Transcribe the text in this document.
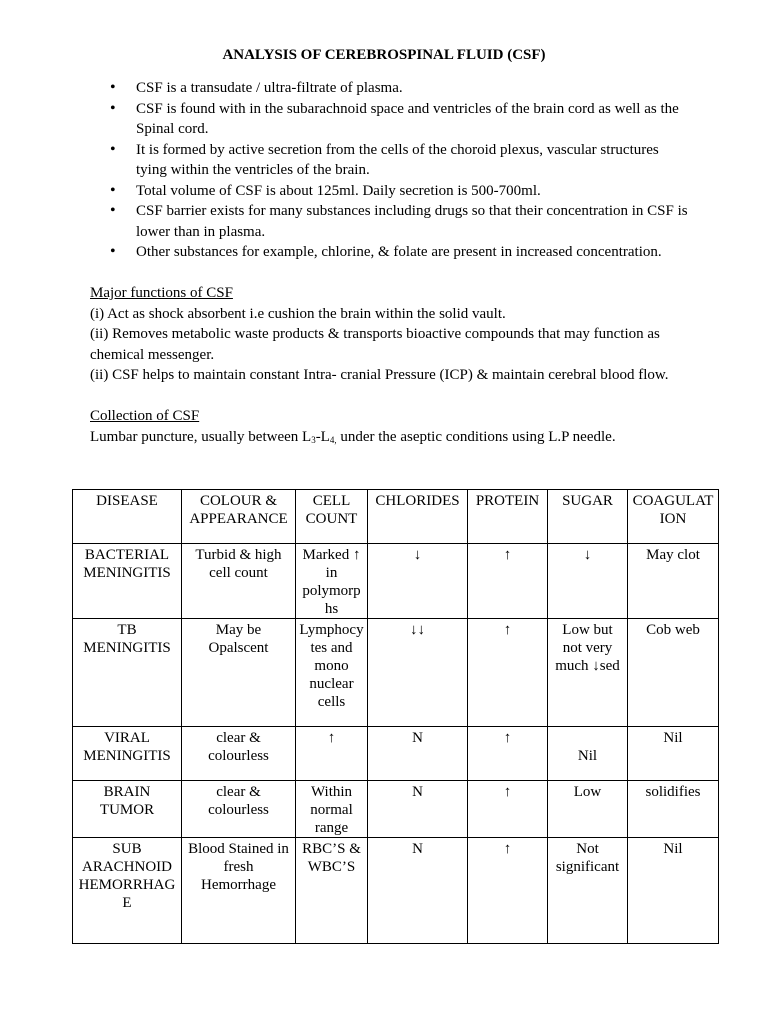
ANALYSIS OF CEREBROSPINAL FLUID (CSF)
• CSF is a transudate / ultra-filtrate of plasma.
• CSF is found with in the subarachnoid space and ventricles of the brain cord as well as the Spinal cord.
• It is formed by active secretion from the cells of the choroid plexus, vascular structures tying within the ventricles of the brain.
• Total volume of CSF is about 125ml. Daily secretion is 500-700ml.
• CSF barrier exists for many substances including drugs so that their concentration in CSF is lower than in plasma.
• Other substances for example, chlorine, & folate are present in increased concentration.

Major functions of CSF

(i) Act as shock absorbent i.e cushion the brain within the solid vault.

(ii) Removes metabolic waste products & transports bioactive compounds that may function as chemical messenger.

(ii) CSF helps to maintain constant Intra- cranial Pressure (ICP) & maintain cerebral blood flow.

Collection of CSF

Lumbar puncture, usually between $L_3-L_{4,}$ under the aseptic conditions using L.P needle.

DISEASE	COLOUR & APPEARANCE	CELL COUNT	CHLORIDES	PROTEIN	SUGAR	COAGULATION
BACTERIAL MENINGITIS	Turbid & high cell count	Marked ↑ in polymorphs	↓	↑	↓	May clot
TB MENINGITIS	May be Opalscent	Lymphocytes and mono nuclear cells	↓↓	↑	Low but not very much ↓sed	Cob web
VIRAL MENINGITIS	clear & colourless	↑	N	↑	Nil	Nil
BRAIN TUMOR	clear & colourless	Within normal range	N	↑	Low	solidifies
SUB ARACHNOID HEMORRHAGE	Blood Stained in fresh Hemorrhage	RBC’S & WBC’S	N	↑	Not significant	Nil
